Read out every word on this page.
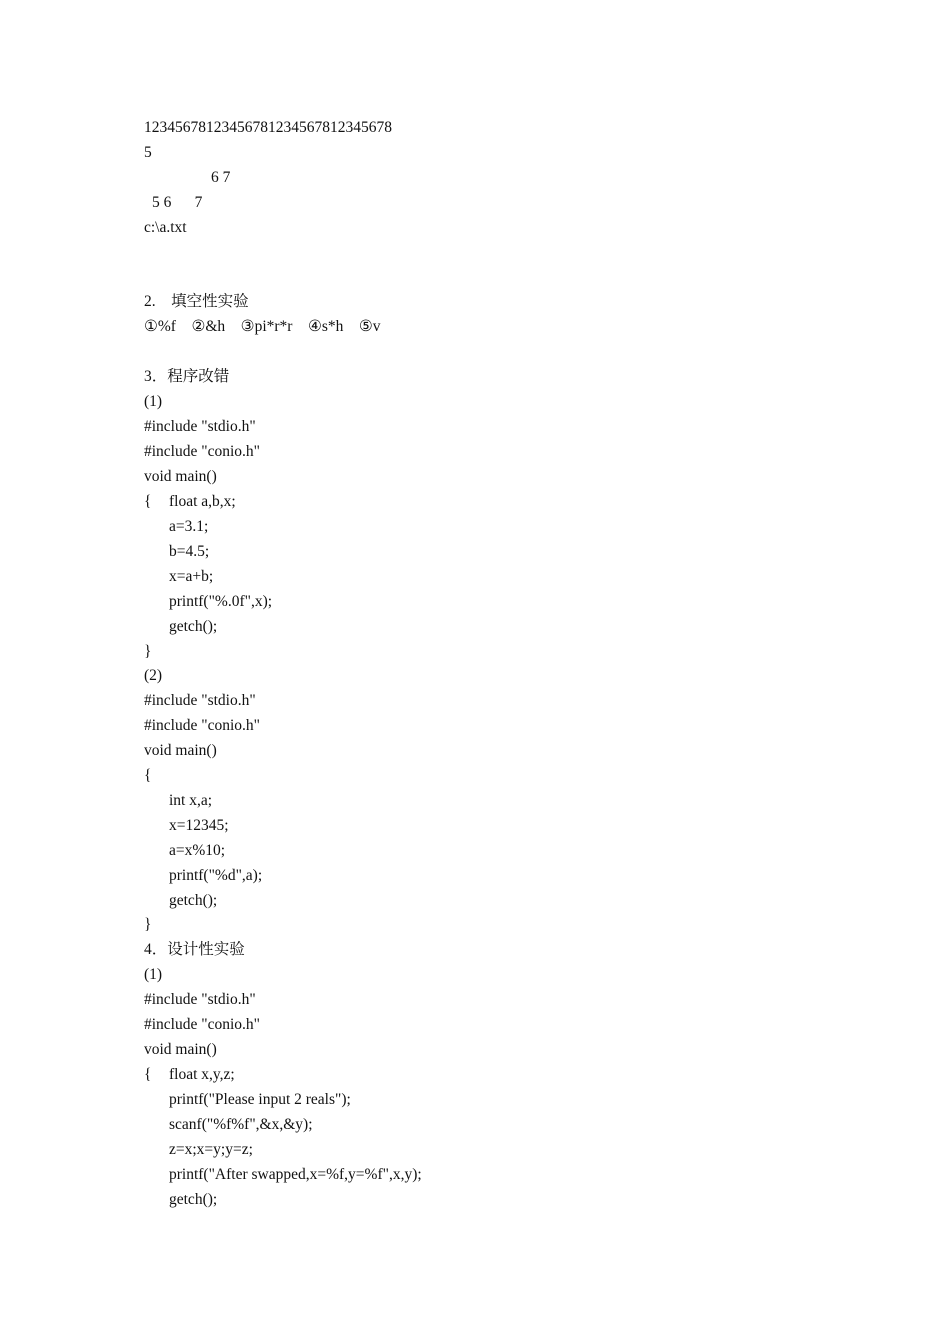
12345678123456781234567812345678
5
6 7
5 6      7
c:\a.txt
2.　填空性实验
①%f　②&h　③pi*r*r　④s*h　⑤v
3．程序改错
(1)
#include "stdio.h"
#include "conio.h"
void main()
{ float a,b,x;
a=3.1;
b=4.5;
x=a+b;
printf("%.0f",x);
getch();
}
(2)
#include "stdio.h"
#include "conio.h"
void main()
{
int x,a;
x=12345;
a=x%10;
printf("%d",a);
getch();
}
4．设计性实验
(1)
#include "stdio.h"
#include "conio.h"
void main()
{ float x,y,z;
printf("Please input 2 reals");
scanf("%f%f",&x,&y);
z=x;x=y;y=z;
printf("After swapped,x=%f,y=%f",x,y);
getch();
